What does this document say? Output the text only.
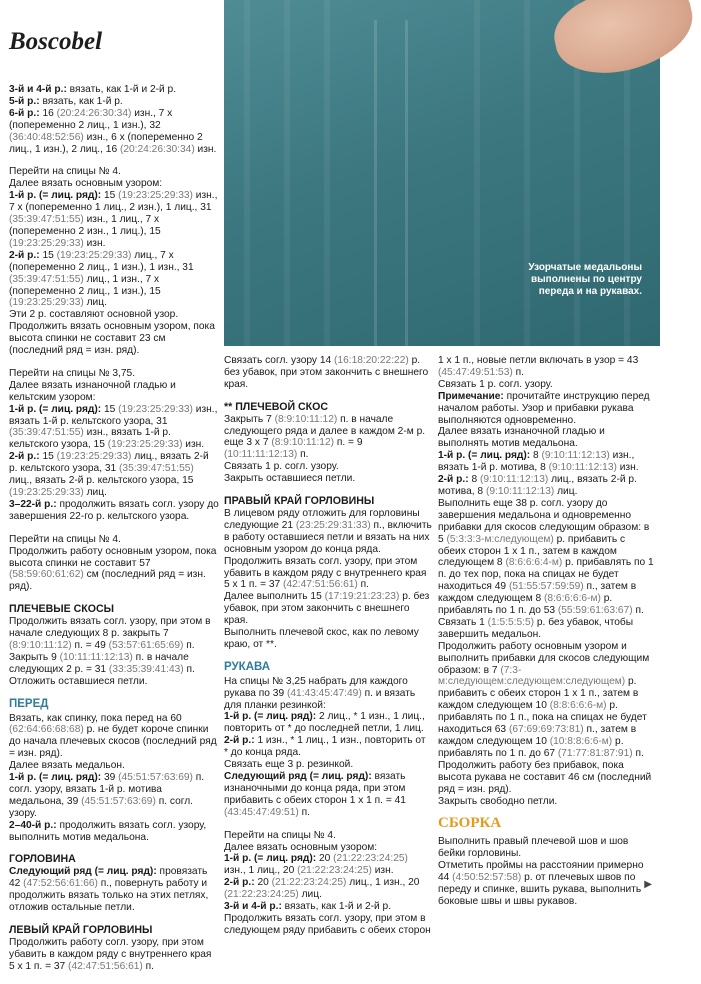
Boscobel
Узорчатые медальоны выполнены по центру переда и на рукавах.
3-й и 4-й р.: вязать, как 1-й и 2-й р.
5-й р.: вязать, как 1-й р.
6-й р.: 16 (20:24:26:30:34) изн., 7 х (попеременно 2 лиц., 1 изн.), 32 (36:40:48:52:56) изн., 6 х (попеременно 2 лиц., 1 изн.), 2 лиц., 16 (20:24:26:30:34) изн.
Перейти на спицы № 4.
Далее вязать основным узором:
1-й р. (= лиц. ряд): 15 (19:23:25:29:33) изн., 7 х (попеременно 1 лиц., 2 изн.), 1 лиц., 31 (35:39:47:51:55) изн., 1 лиц., 7 х (попеременно 2 изн., 1 лиц.), 15 (19:23:25:29:33) изн.
2-й р.: 15 (19:23:25:29:33) лиц., 7 х (попеременно 2 лиц., 1 изн.), 1 изн., 31 (35:39:47:51:55) лиц., 1 изн., 7 х (попеременно 2 лиц., 1 изн.), 15 (19:23:25:29:33) лиц.
Эти 2 р. составляют основной узор.
Продолжить вязать основным узором, пока высота спинки не составит 23 см (последний ряд = изн. ряд).
Перейти на спицы № 3,75.
Далее вязать изнаночной гладью и кельтским узором:
1-й р. (= лиц. ряд): 15 (19:23:25:29:33) изн., вязать 1-й р. кельтского узора, 31 (35:39:47:51:55) изн., вязать 1-й р. кельтского узора, 15 (19:23:25:29:33) изн.
2-й р.: 15 (19:23:25:29:33) лиц., вязать 2-й р. кельтского узора, 31 (35:39:47:51:55) лиц., вязать 2-й р. кельтского узора, 15 (19:23:25:29:33) лиц.
3–22-й р.: продолжить вязать согл. узору до завершения 22-го р. кельтского узора.
Перейти на спицы № 4.
Продолжить работу основным узором, пока высота спинки не составит 57 (58:59:60:61:62) см (последний ряд = изн. ряд).
ПЛЕЧЕВЫЕ СКОСЫ
Продолжить вязать согл. узору, при этом в начале следующих 8 р. закрыть 7 (8:9:10:11:12) п. = 49 (53:57:61:65:69) п.
Закрыть 9 (10:11:11:12:13) п. в начале следующих 2 р. = 31 (33:35:39:41:43) п.
Отложить оставшиеся петли.
ПЕРЕД
Вязать, как спинку, пока перед на 60 (62:64:66:68:68) р. не будет короче спинки до начала плечевых скосов (последний ряд = изн. ряд).
Далее вязать медальон.
1-й р. (= лиц. ряд): 39 (45:51:57:63:69) п. согл. узору, вязать 1-й р. мотива медальона, 39 (45:51:57:63:69) п. согл. узору.
2–40-й р.: продолжить вязать согл. узору, выполнить мотив медальона.
ГОРЛОВИНА
Следующий ряд (= лиц. ряд): провязать 42 (47:52:56:61:66) п., повернуть работу и продолжить вязать только на этих петлях, отложив остальные петли.
ЛЕВЫЙ КРАЙ ГОРЛОВИНЫ
Продолжить работу согл. узору, при этом убавить в каждом ряду с внутреннего края 5 х 1 п. = 37 (42:47:51:56:61) п.
Связать согл. узору 14 (16:18:20:22:22) р. без убавок, при этом закончить с внешнего края.
** ПЛЕЧЕВОЙ СКОС
Закрыть 7 (8:9:10:11:12) п. в начале следующего ряда и далее в каждом 2-м р. еще 3 х 7 (8:9:10:11:12) п. = 9 (10:11:11:12:13) п.
Связать 1 р. согл. узору.
Закрыть оставшиеся петли.
ПРАВЫЙ КРАЙ ГОРЛОВИНЫ
В лицевом ряду отложить для горловины следующие 21 (23:25:29:31:33) п., включить в работу оставшиеся петли и вязать на них основным узором до конца ряда.
Продолжить вязать согл. узору, при этом убавить в каждом ряду с внутреннего края 5 х 1 п. = 37 (42:47:51:56:61) п.
Далее выполнить 15 (17:19:21:23:23) р. без убавок, при этом закончить с внешнего края.
Выполнить плечевой скос, как по левому краю, от **.
РУКАВА
На спицы № 3,25 набрать для каждого рукава по 39 (41:43:45:47:49) п. и вязать для планки резинкой:
1-й р. (= лиц. ряд): 2 лиц., * 1 изн., 1 лиц., повторить от * до последней петли, 1 лиц.
2-й р.: 1 изн., * 1 лиц., 1 изн., повторить от * до конца ряда.
Связать еще 3 р. резинкой.
Следующий ряд (= лиц. ряд): вязать изнаночными до конца ряда, при этом прибавить с обеих сторон 1 х 1 п. = 41 (43:45:47:49:51) п.
Перейти на спицы № 4.
Далее вязать основным узором:
1-й р. (= лиц. ряд): 20 (21:22:23:24:25) изн., 1 лиц., 20 (21:22:23:24:25) изн.
2-й р.: 20 (21:22:23:24:25) лиц., 1 изн., 20 (21:22:23:24:25) лиц.
3-й и 4-й р.: вязать, как 1-й и 2-й р.
Продолжить вязать согл. узору, при этом в следующем ряду прибавить с обеих сторон
1 х 1 п., новые петли включать в узор = 43 (45:47:49:51:53) п.
Связать 1 р. согл. узору.
Примечание: прочитайте инструкцию перед началом работы. Узор и прибавки рукава выполняются одновременно.
Далее вязать изнаночной гладью и выполнять мотив медальона.
1-й р. (= лиц. ряд): 8 (9:10:11:12:13) изн., вязать 1-й р. мотива, 8 (9:10:11:12:13) изн.
2-й р.: 8 (9:10:11:12:13) лиц., вязать 2-й р. мотива, 8 (9:10:11:12:13) лиц.
Выполнить еще 38 р. согл. узору до завершения медальона и одновременно прибавки для скосов следующим образом: в 5 (5:3:3:3-м:следующем) р. прибавить с обеих сторон 1 х 1 п., затем в каждом следующем 8 (8:6:6:6:4-м) р. прибавлять по 1 п. до тех пор, пока на спицах не будет находиться 49 (51:55:57:59:59) п., затем в каждом следующем 8 (8:6:6:6:6-м) р. прибавлять по 1 п. до 53 (55:59:61:63:67) п.
Связать 1 (1:5:5:5:5) р. без убавок, чтобы завершить медальон.
Продолжить работу основным узором и выполнить прибавки для скосов следующим образом: в 7 (7:3-м:следующем:следующем:следующем) р. прибавить с обеих сторон 1 х 1 п., затем в каждом следующем 10 (8:8:6:6:6-м) р. прибавлять по 1 п., пока на спицах не будет находиться 63 (67:69:69:73:81) п., затем в каждом следующем 10 (10:8:8:6:6-м) р. прибавлять по 1 п. до 67 (71:77:81:87:91) п.
Продолжить работу без прибавок, пока высота рукава не составит 46 см (последний ряд = изн. ряд).
Закрыть свободно петли.
СБОРКА
Выполнить правый плечевой шов и шов бейки горловины.
Отметить проймы на расстоянии примерно 44 (4:50:52:57:58) р. от плечевых швов по переду и спинке, вшить рукава, выполнить боковые швы и швы рукавов.
▶
